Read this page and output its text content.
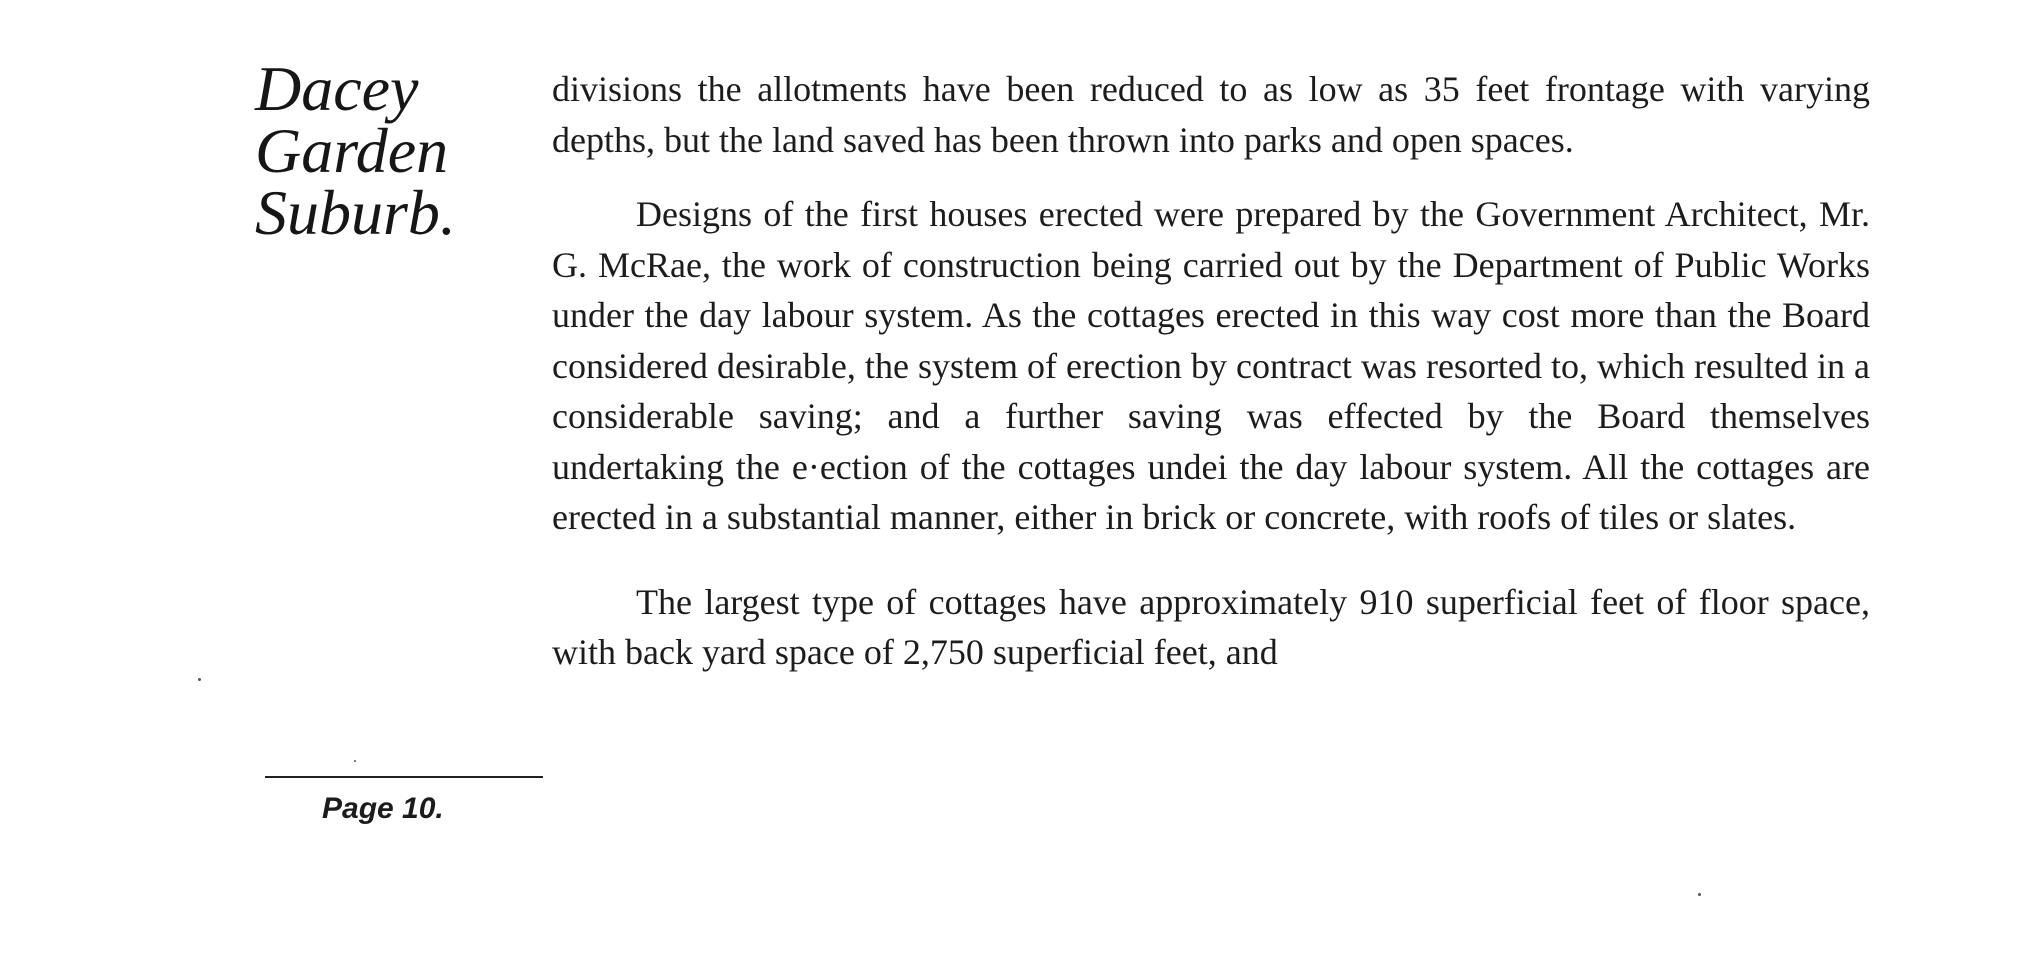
Dacey
Garden
Suburb.

divisions the allotments have been reduced to as low as 35 feet frontage with varying depths, but the land saved has been thrown into parks and open spaces.

Designs of the first houses erected were prepared by the Government Architect, Mr. G. McRae, the work of construction being carried out by the Department of Public Works under the day labour system. As the cottages erected in this way cost more than the Board considered desirable, the system of erection by contract was resorted to, which resulted in a considerable saving; and a further saving was effected by the Board themselves undertaking the e·ection of the cottages undei the day labour system. All the cottages are erected in a substantial manner, either in brick or concrete, with roofs of tiles or slates.

The largest type of cottages have approximately 910 superficial feet of floor space, with back yard space of 2,750 superficial feet, and

Page 10.
